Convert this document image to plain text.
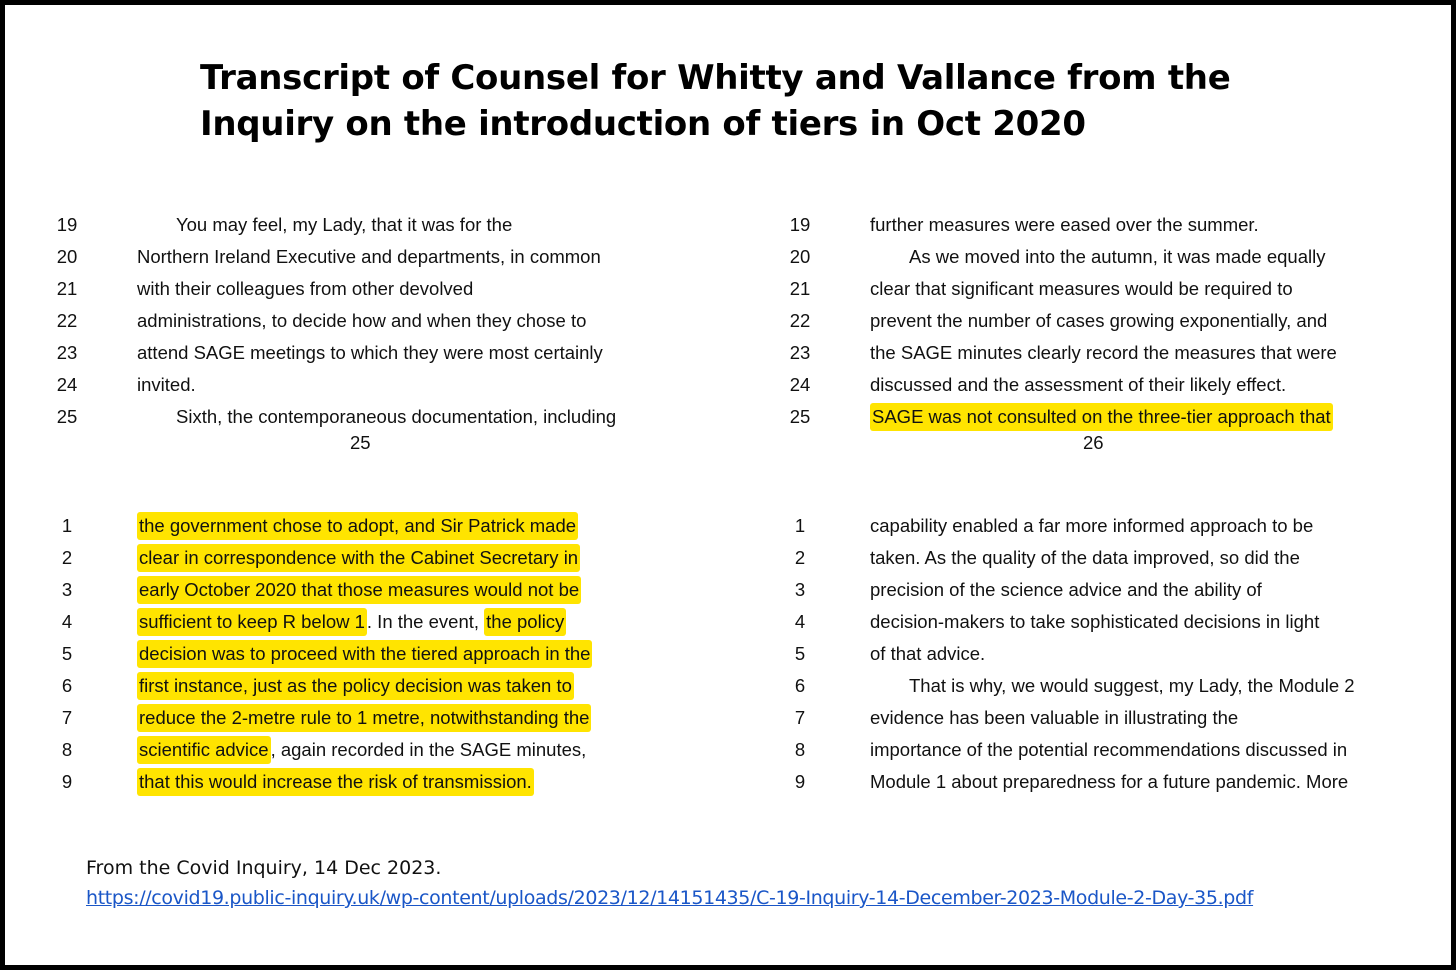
Transcript of Counsel for Whitty and Vallance from the
Inquiry on the introduction of tiers in Oct 2020
25
19	You may feel, my Lady, that it was for the
20	Northern Ireland Executive and departments, in common
21	with their colleagues from other devolved
22	administrations, to decide how and when they chose to
23	attend SAGE meetings to which they were most certainly
24	invited.
25	Sixth, the contemporaneous documentation, including
26
19	further measures were eased over the summer.
20	As we moved into the autumn, it was made equally
21	clear that significant measures would be required to
22	prevent the number of cases growing exponentially, and
23	the SAGE minutes clearly record the measures that were
24	discussed and the assessment of their likely effect.
25	SAGE was not consulted on the three-tier approach that
1	the government chose to adopt, and Sir Patrick made
2	clear in correspondence with the Cabinet Secretary in
3	early October 2020 that those measures would not be
4	sufficient to keep R below 1 . In the event, the policy
5	decision was to proceed with the tiered approach in the
6	first instance, just as the policy decision was taken to
7	reduce the 2-metre rule to 1 metre, notwithstanding the
8	scientific advice , again recorded in the SAGE minutes,
9	that this would increase the risk of transmission.
1	capability enabled a far more informed approach to be
2	taken. As the quality of the data improved, so did the
3	precision of the science advice and the ability of
4	decision-makers to take sophisticated decisions in light
5	of that advice.
6	That is why, we would suggest, my Lady, the Module 2
7	evidence has been valuable in illustrating the
8	importance of the potential recommendations discussed in
9	Module 1 about preparedness for a future pandemic. More
From the Covid Inquiry, 14 Dec 2023.
https://covid19.public-inquiry.uk/wp-content/uploads/2023/12/14151435/C-19-Inquiry-14-December-2023-Module-2-Day-35.pdf
